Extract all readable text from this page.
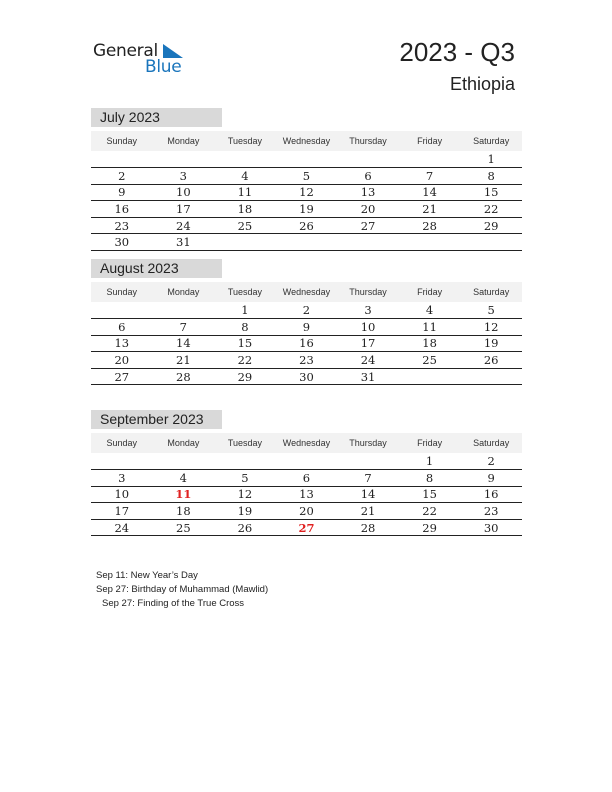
General
Blue	2023 - Q3
Ethiopia
July 2023
Sunday	Monday	Tuesday	Wednesday	Thursday	Friday	Saturday
						1
2	3	4	5	6	7	8
9	10	11	12	13	14	15
16	17	18	19	20	21	22
23	24	25	26	27	28	29
30	31					
August 2023
Sunday	Monday	Tuesday	Wednesday	Thursday	Friday	Saturday
		1	2	3	4	5
6	7	8	9	10	11	12
13	14	15	16	17	18	19
20	21	22	23	24	25	26
27	28	29	30	31		
September 2023
Sunday	Monday	Tuesday	Wednesday	Thursday	Friday	Saturday
					1	2
3	4	5	6	7	8	9
10	11	12	13	14	15	16
17	18	19	20	21	22	23
24	25	26	27	28	29	30
Sep 11: New Year’s Day
Sep 27: Birthday of Muhammad (Mawlid)
Sep 27: Finding of the True Cross
